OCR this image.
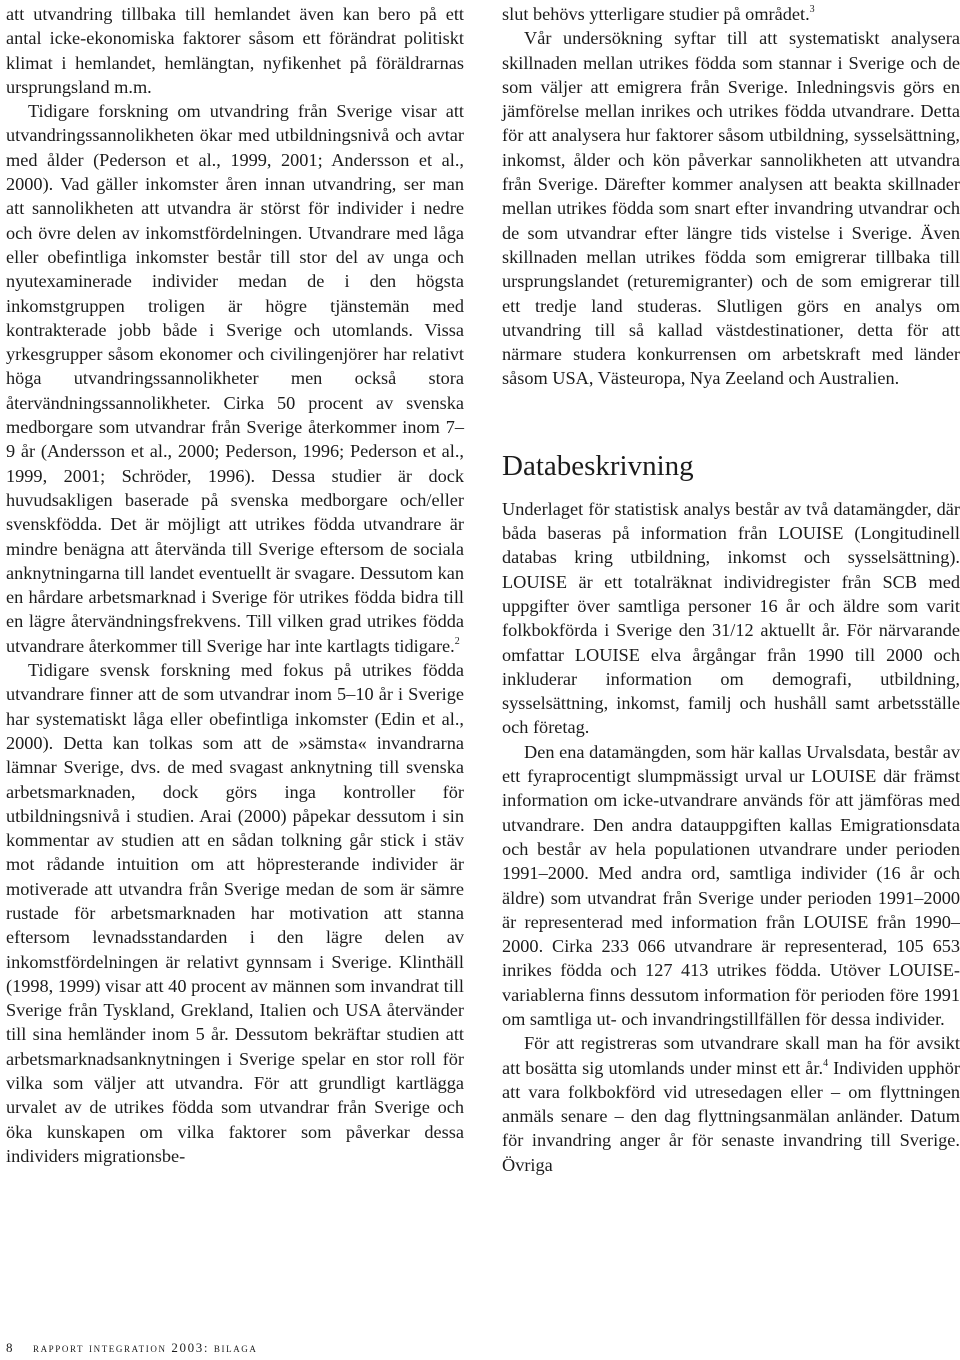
att utvandring tillbaka till hemlandet även kan bero på ett antal icke-ekonomiska faktorer såsom ett förändrat politiskt klimat i hemlandet, hemlängtan, nyfikenhet på föräldrarnas ursprungsland m.m.

Tidigare forskning om utvandring från Sverige visar att utvandringssannolikheten ökar med utbildningsnivå och avtar med ålder (Pederson et al., 1999, 2001; Andersson et al., 2000). Vad gäller inkomster åren innan utvandring, ser man att sannolikheten att utvandra är störst för individer i nedre och övre delen av inkomstfördelningen. Utvandrare med låga eller obefintliga inkomster består till stor del av unga och nyutexaminerade individer medan de i den högsta inkomstgruppen troligen är högre tjänstemän med kontrakterade jobb både i Sverige och utomlands. Vissa yrkesgrupper såsom ekonomer och civilingenjörer har relativt höga utvandringssannolikheter men också stora återvändningssannolikheter. Cirka 50 procent av svenska medborgare som utvandrar från Sverige återkommer inom 7–9 år (Andersson et al., 2000; Pederson, 1996; Pederson et al., 1999, 2001; Schröder, 1996). Dessa studier är dock huvudsakligen baserade på svenska medborgare och/eller svenskfödda. Det är möjligt att utrikes födda utvandrare är mindre benägna att återvända till Sverige eftersom de sociala anknytningarna till landet eventuellt är svagare. Dessutom kan en hårdare arbetsmarknad i Sverige för utrikes födda bidra till en lägre återvändningsfrekvens. Till vilken grad utrikes födda utvandrare återkommer till Sverige har inte kartlagts tidigare.$^2$

Tidigare svensk forskning med fokus på utrikes födda utvandrare finner att de som utvandrar inom 5–10 år i Sverige har systematiskt låga eller obefintliga inkomster (Edin et al., 2000). Detta kan tolkas som att de »sämsta« invandrarna lämnar Sverige, dvs. de med svagast anknytning till svenska arbetsmarknaden, dock görs inga kontroller för utbildningsnivå i studien. Arai (2000) påpekar dessutom i sin kommentar av studien att en sådan tolkning går stick i stäv mot rådande intuition om att höpresterande individer är motiverade att utvandra från Sverige medan de som är sämre rustade för arbetsmarknaden har motivation att stanna eftersom levnadsstandarden i den lägre delen av inkomstfördelningen är relativt gynnsam i Sverige. Klinthäll (1998, 1999) visar att 40 procent av männen som invandrat till Sverige från Tyskland, Grekland, Italien och USA återvänder till sina hemländer inom 5 år. Dessutom bekräftar studien att arbetsmarknadsanknytningen i Sverige spelar en stor roll för vilka som väljer att utvandra. För att grundligt kartlägga urvalet av de utrikes födda som utvandrar från Sverige och öka kunskapen om vilka faktorer som påverkar dessa individers migrationsbe-

slut behövs ytterligare studier på området.$^3$

Vår undersökning syftar till att systematiskt analysera skillnaden mellan utrikes födda som stannar i Sverige och de som väljer att emigrera från Sverige. Inledningsvis görs en jämförelse mellan inrikes och utrikes födda utvandrare. Detta för att analysera hur faktorer såsom utbildning, sysselsättning, inkomst, ålder och kön påverkar sannolikheten att utvandra från Sverige. Därefter kommer analysen att beakta skillnader mellan utrikes födda som snart efter invandring utvandrar och de som utvandrar efter längre tids vistelse i Sverige. Även skillnaden mellan utrikes födda som emigrerar tillbaka till ursprungslandet (returemigranter) och de som emigrerar till ett tredje land studeras. Slutligen görs en analys om utvandring till så kallad västdestinationer, detta för att närmare studera konkurrensen om arbetskraft med länder såsom USA, Västeuropa, Nya Zeeland och Australien.

Databeskrivning

Underlaget för statistisk analys består av två datamängder, där båda baseras på information från LOUISE (Longitudinell databas kring utbildning, inkomst och sysselsättning). LOUISE är ett totalräknat individregister från SCB med uppgifter över samtliga personer 16 år och äldre som varit folkbokförda i Sverige den 31/12 aktuellt år. För närvarande omfattar LOUISE elva årgångar från 1990 till 2000 och inkluderar information om demografi, utbildning, sysselsättning, inkomst, familj och hushåll samt arbetsställe och företag.

Den ena datamängden, som här kallas Urvalsdata, består av ett fyraprocentigt slumpmässigt urval ur LOUISE där främst information om icke-utvandrare används för att jämföras med utvandrare. Den andra datauppgiften kallas Emigrationsdata och består av hela populationen utvandrare under perioden 1991–2000. Med andra ord, samtliga individer (16 år och äldre) som utvandrat från Sverige under perioden 1991–2000 är representerad med information från LOUISE från 1990–2000. Cirka 233 066 utvandrare är representerad, 105 653 inrikes födda och 127 413 utrikes födda. Utöver LOUISE-variablerna finns dessutom information för perioden före 1991 om samtliga ut- och invandringstillfällen för dessa individer.

För att registreras som utvandrare skall man ha för avsikt att bosätta sig utomlands under minst ett år.$^4$ Individen upphör att vara folkbokförd vid utresedagen eller – om flyttningen anmäls senare – den dag flyttningsanmälan anländer. Datum för invandring anger år för senaste invandring till Sverige. Övriga

8 rapport integration 2003: bilaga
